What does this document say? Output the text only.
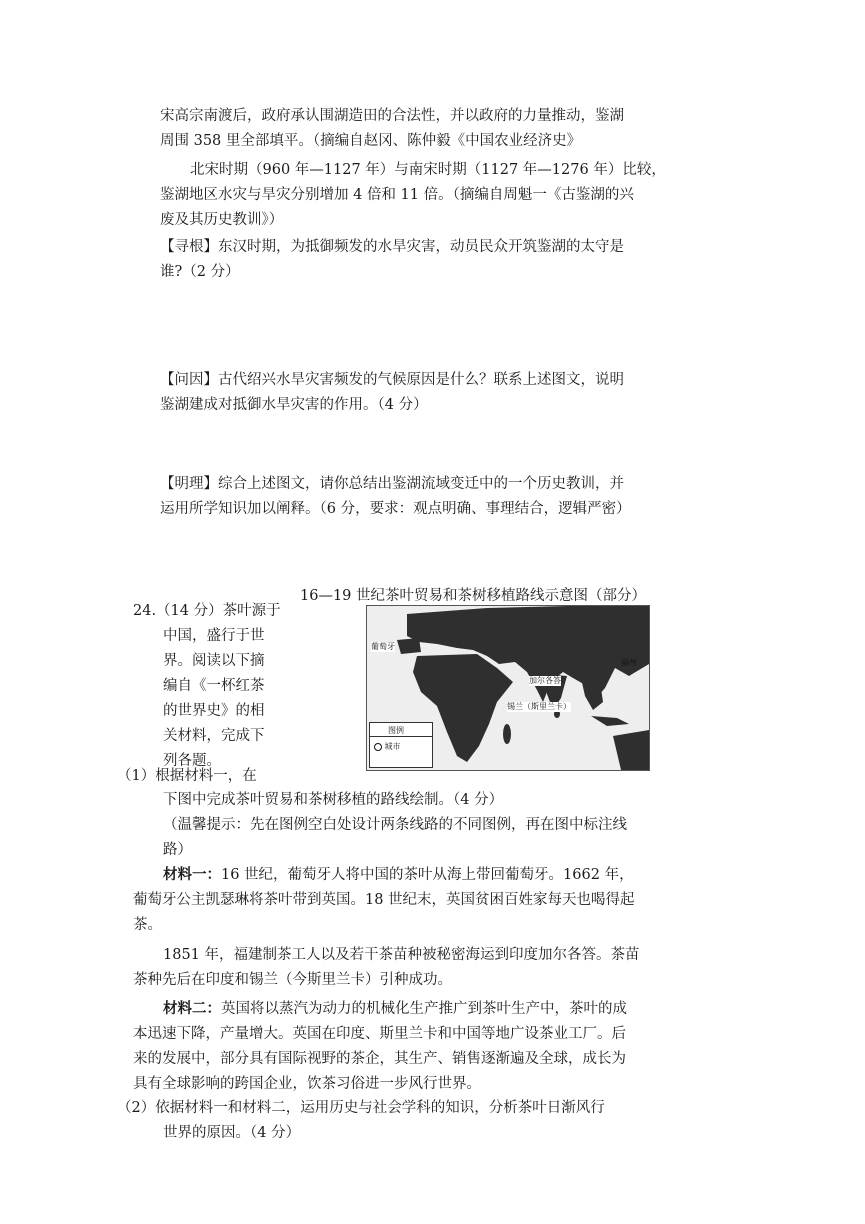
宋高宗南渡后，政府承认围湖造田的合法性，并以政府的力量推动，鉴湖
周围 358 里全部填平。（摘编自赵冈、陈仲毅《中国农业经济史》
北宋时期（960 年—1127 年）与南宋时期（1127 年—1276 年）比较，
鉴湖地区水灾与旱灾分别增加 4 倍和 11 倍。（摘编自周魁一《古鉴湖的兴
废及其历史教训》）
【寻根】东汉时期，为抵御频发的水旱灾害，动员民众开筑鉴湖的太守是
谁?（2 分）
【问因】古代绍兴水旱灾害频发的气候原因是什么？联系上述图文，说明
鉴湖建成对抵御水旱灾害的作用。（4 分）
【明理】综合上述图文，请你总结出鉴湖流域变迁中的一个历史教训，并
运用所学知识加以阐释。（6 分，要求：观点明确、事理结合，逻辑严密）
16—19 世纪茶叶贸易和茶树移植路线示意图（部分）
24.（14 分）茶叶源于
中国，盛行于世
界。阅读以下摘
编自《一杯红茶
的世界史》的相
关材料，完成下
列各题。
葡萄牙
福州
加尔各答
锡兰（斯里兰卡）
图例
城市
（1）根据材料一，在
下图中完成茶叶贸易和茶树移植的路线绘制。（4 分）
（温馨提示：先在图例空白处设计两条线路的不同图例，再在图中标注线
路）
材料一：16 世纪，葡萄牙人将中国的茶叶从海上带回葡萄牙。1662 年，
葡萄牙公主凯瑟琳将茶叶带到英国。18 世纪末，英国贫困百姓家每天也喝得起
茶。
1851 年，福建制茶工人以及若干茶苗种被秘密海运到印度加尔各答。茶苗
茶种先后在印度和锡兰（今斯里兰卡）引种成功。
材料二：英国将以蒸汽为动力的机械化生产推广到茶叶生产中，茶叶的成
本迅速下降，产量增大。英国在印度、斯里兰卡和中国等地广设茶业工厂。后
来的发展中，部分具有国际视野的茶企，其生产、销售逐渐遍及全球，成长为
具有全球影响的跨国企业，饮茶习俗进一步风行世界。
（2）依据材料一和材料二，运用历史与社会学科的知识，分析茶叶日渐风行
世界的原因。（4 分）
